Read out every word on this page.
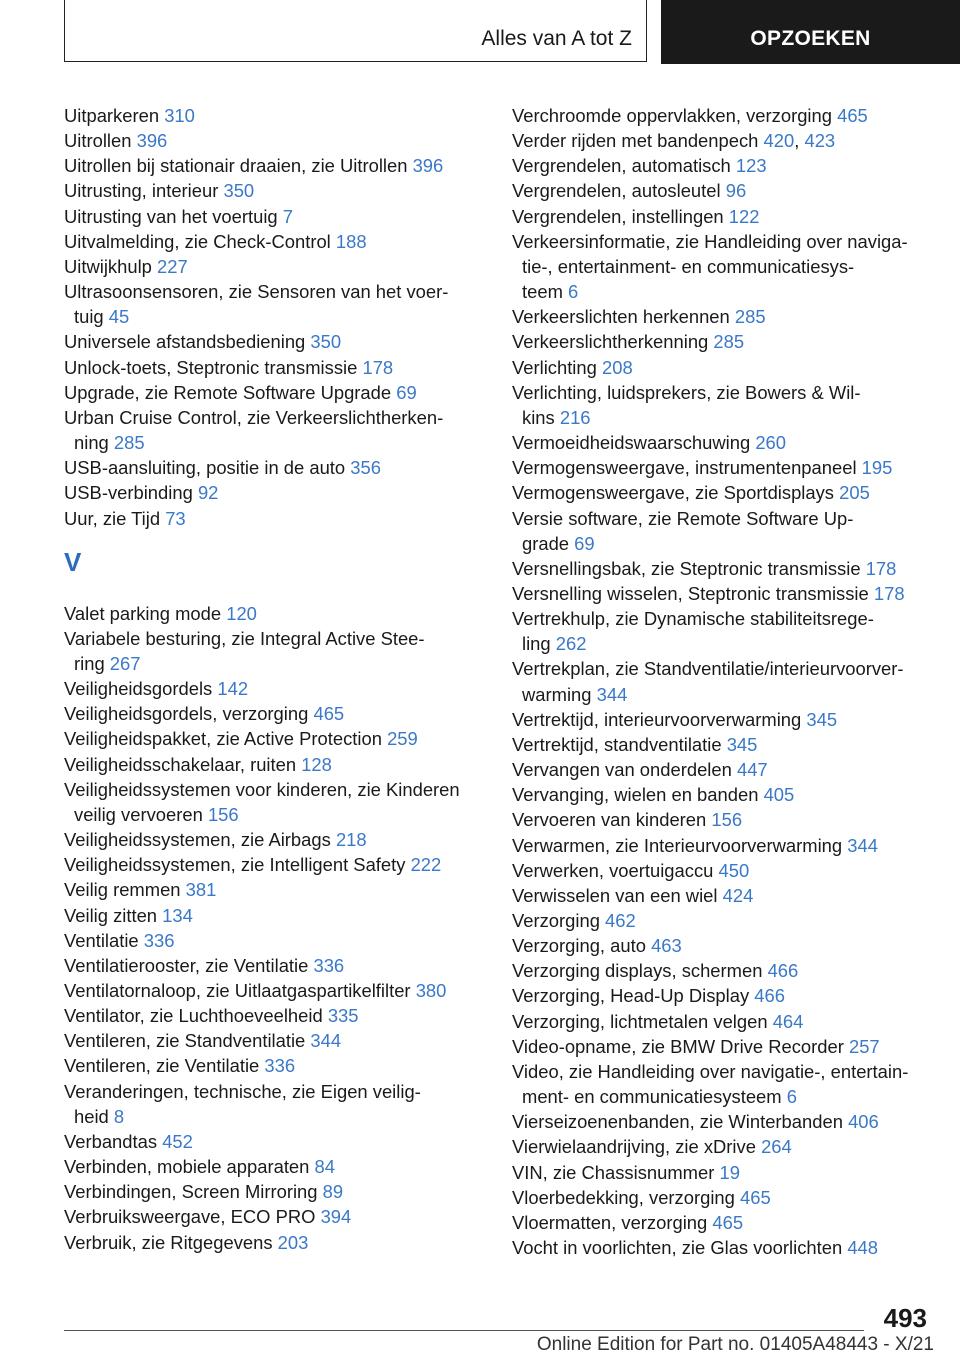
Alles van A tot Z	OPZOEKEN
Uitparkeren 310
Uitrollen 396
Uitrollen bij stationair draaien, zie Uitrollen 396
Uitrusting, interieur 350
Uitrusting van het voertuig 7
Uitvalmelding, zie Check-Control 188
Uitwijkhulp 227
Ultrasoonsensoren, zie Sensoren van het voer-
tuig 45
Universele afstandsbediening 350
Unlock-toets, Steptronic transmissie 178
Upgrade, zie Remote Software Upgrade 69
Urban Cruise Control, zie Verkeerslichtherken-
ning 285
USB-aansluiting, positie in de auto 356
USB-verbinding 92
Uur, zie Tijd 73
V
Valet parking mode 120
Variabele besturing, zie Integral Active Stee-
ring 267
Veiligheidsgordels 142
Veiligheidsgordels, verzorging 465
Veiligheidspakket, zie Active Protection 259
Veiligheidsschakelaar, ruiten 128
Veiligheidssystemen voor kinderen, zie Kinderen
veilig vervoeren 156
Veiligheidssystemen, zie Airbags 218
Veiligheidssystemen, zie Intelligent Safety 222
Veilig remmen 381
Veilig zitten 134
Ventilatie 336
Ventilatierooster, zie Ventilatie 336
Ventilatornaloop, zie Uitlaatgaspartikelfilter 380
Ventilator, zie Luchthoeveelheid 335
Ventileren, zie Standventilatie 344
Ventileren, zie Ventilatie 336
Veranderingen, technische, zie Eigen veilig-
heid 8
Verbandtas 452
Verbinden, mobiele apparaten 84
Verbindingen, Screen Mirroring 89
Verbruiksweergave, ECO PRO 394
Verbruik, zie Ritgegevens 203
Verchroomde oppervlakken, verzorging 465
Verder rijden met bandenpech 420, 423
Vergrendelen, automatisch 123
Vergrendelen, autosleutel 96
Vergrendelen, instellingen 122
Verkeersinformatie, zie Handleiding over naviga-
tie-, entertainment- en communicatiesys-
teem 6
Verkeerslichten herkennen 285
Verkeerslichtherkenning 285
Verlichting 208
Verlichting, luidsprekers, zie Bowers & Wil-
kins 216
Vermoeidheidswaarschuwing 260
Vermogensweergave, instrumentenpaneel 195
Vermogensweergave, zie Sportdisplays 205
Versie software, zie Remote Software Up-
grade 69
Versnellingsbak, zie Steptronic transmissie 178
Versnelling wisselen, Steptronic transmissie 178
Vertrekhulp, zie Dynamische stabiliteitsrege-
ling 262
Vertrekplan, zie Standventilatie/interieurvoorver-
warming 344
Vertrektijd, interieurvoorverwarming 345
Vertrektijd, standventilatie 345
Vervangen van onderdelen 447
Vervanging, wielen en banden 405
Vervoeren van kinderen 156
Verwarmen, zie Interieurvoorverwarming 344
Verwerken, voertuigaccu 450
Verwisselen van een wiel 424
Verzorging 462
Verzorging, auto 463
Verzorging displays, schermen 466
Verzorging, Head-Up Display 466
Verzorging, lichtmetalen velgen 464
Video-opname, zie BMW Drive Recorder 257
Video, zie Handleiding over navigatie-, entertain-
ment- en communicatiesysteem 6
Vierseizoenenbanden, zie Winterbanden 406
Vierwielaandrijving, zie xDrive 264
VIN, zie Chassisnummer 19
Vloerbedekking, verzorging 465
Vloermatten, verzorging 465
Vocht in voorlichten, zie Glas voorlichten 448
493
Online Edition for Part no. 01405A48443 - X/21
